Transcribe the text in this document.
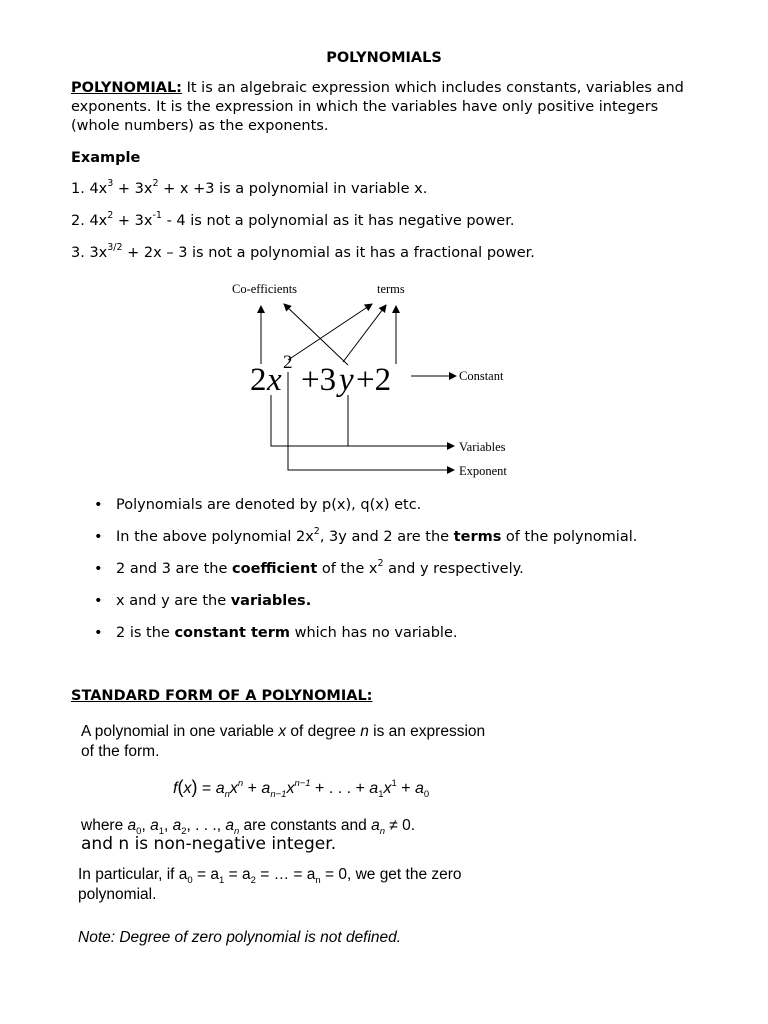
POLYNOMIALS
POLYNOMIAL: It is an algebraic expression which includes constants, variables and
exponents. It is the expression in which the variables have only positive integers
(whole numbers) as the exponents.
Example
1. $4x^3 + 3x^2 + x +3$ is a polynomial in variable x.
2. $4x^2 + 3x^{-1} - 4$ is not a polynomial as it has negative power.
3. $3x^{3/2} + 2x - 3$ is not a polynomial as it has a fractional power.
Co-efficients	terms
2 x 2 +3 y +2	Constant
Variables
Exponent
• Polynomials are denoted by p(x), q(x) etc.
• In the above polynomial $2x^2$, 3y and 2 are the terms of the polynomial.
• 2 and 3 are the coefficient of the $x^2$ and y respectively.
• x and y are the variables.
• 2 is the constant term which has no variable.
STANDARD FORM OF A POLYNOMIAL:
A polynomial in one variable x of degree n is an expression
of the form.
$f(x) = a_nx^n + a_{n-1}x^{n-1}$ + . . . + $a_1x^1 + a_0$
where $a_0$, $a_1$, $a_2$, . . ., $a_n$ are constants and $a_n \ne 0$.
and n is non-negative integer.
In particular, if $a_0 = a_1 = a_2$ = … = $a_n = 0$, we get the zero
polynomial.
Note: Degree of zero polynomial is not defined.
